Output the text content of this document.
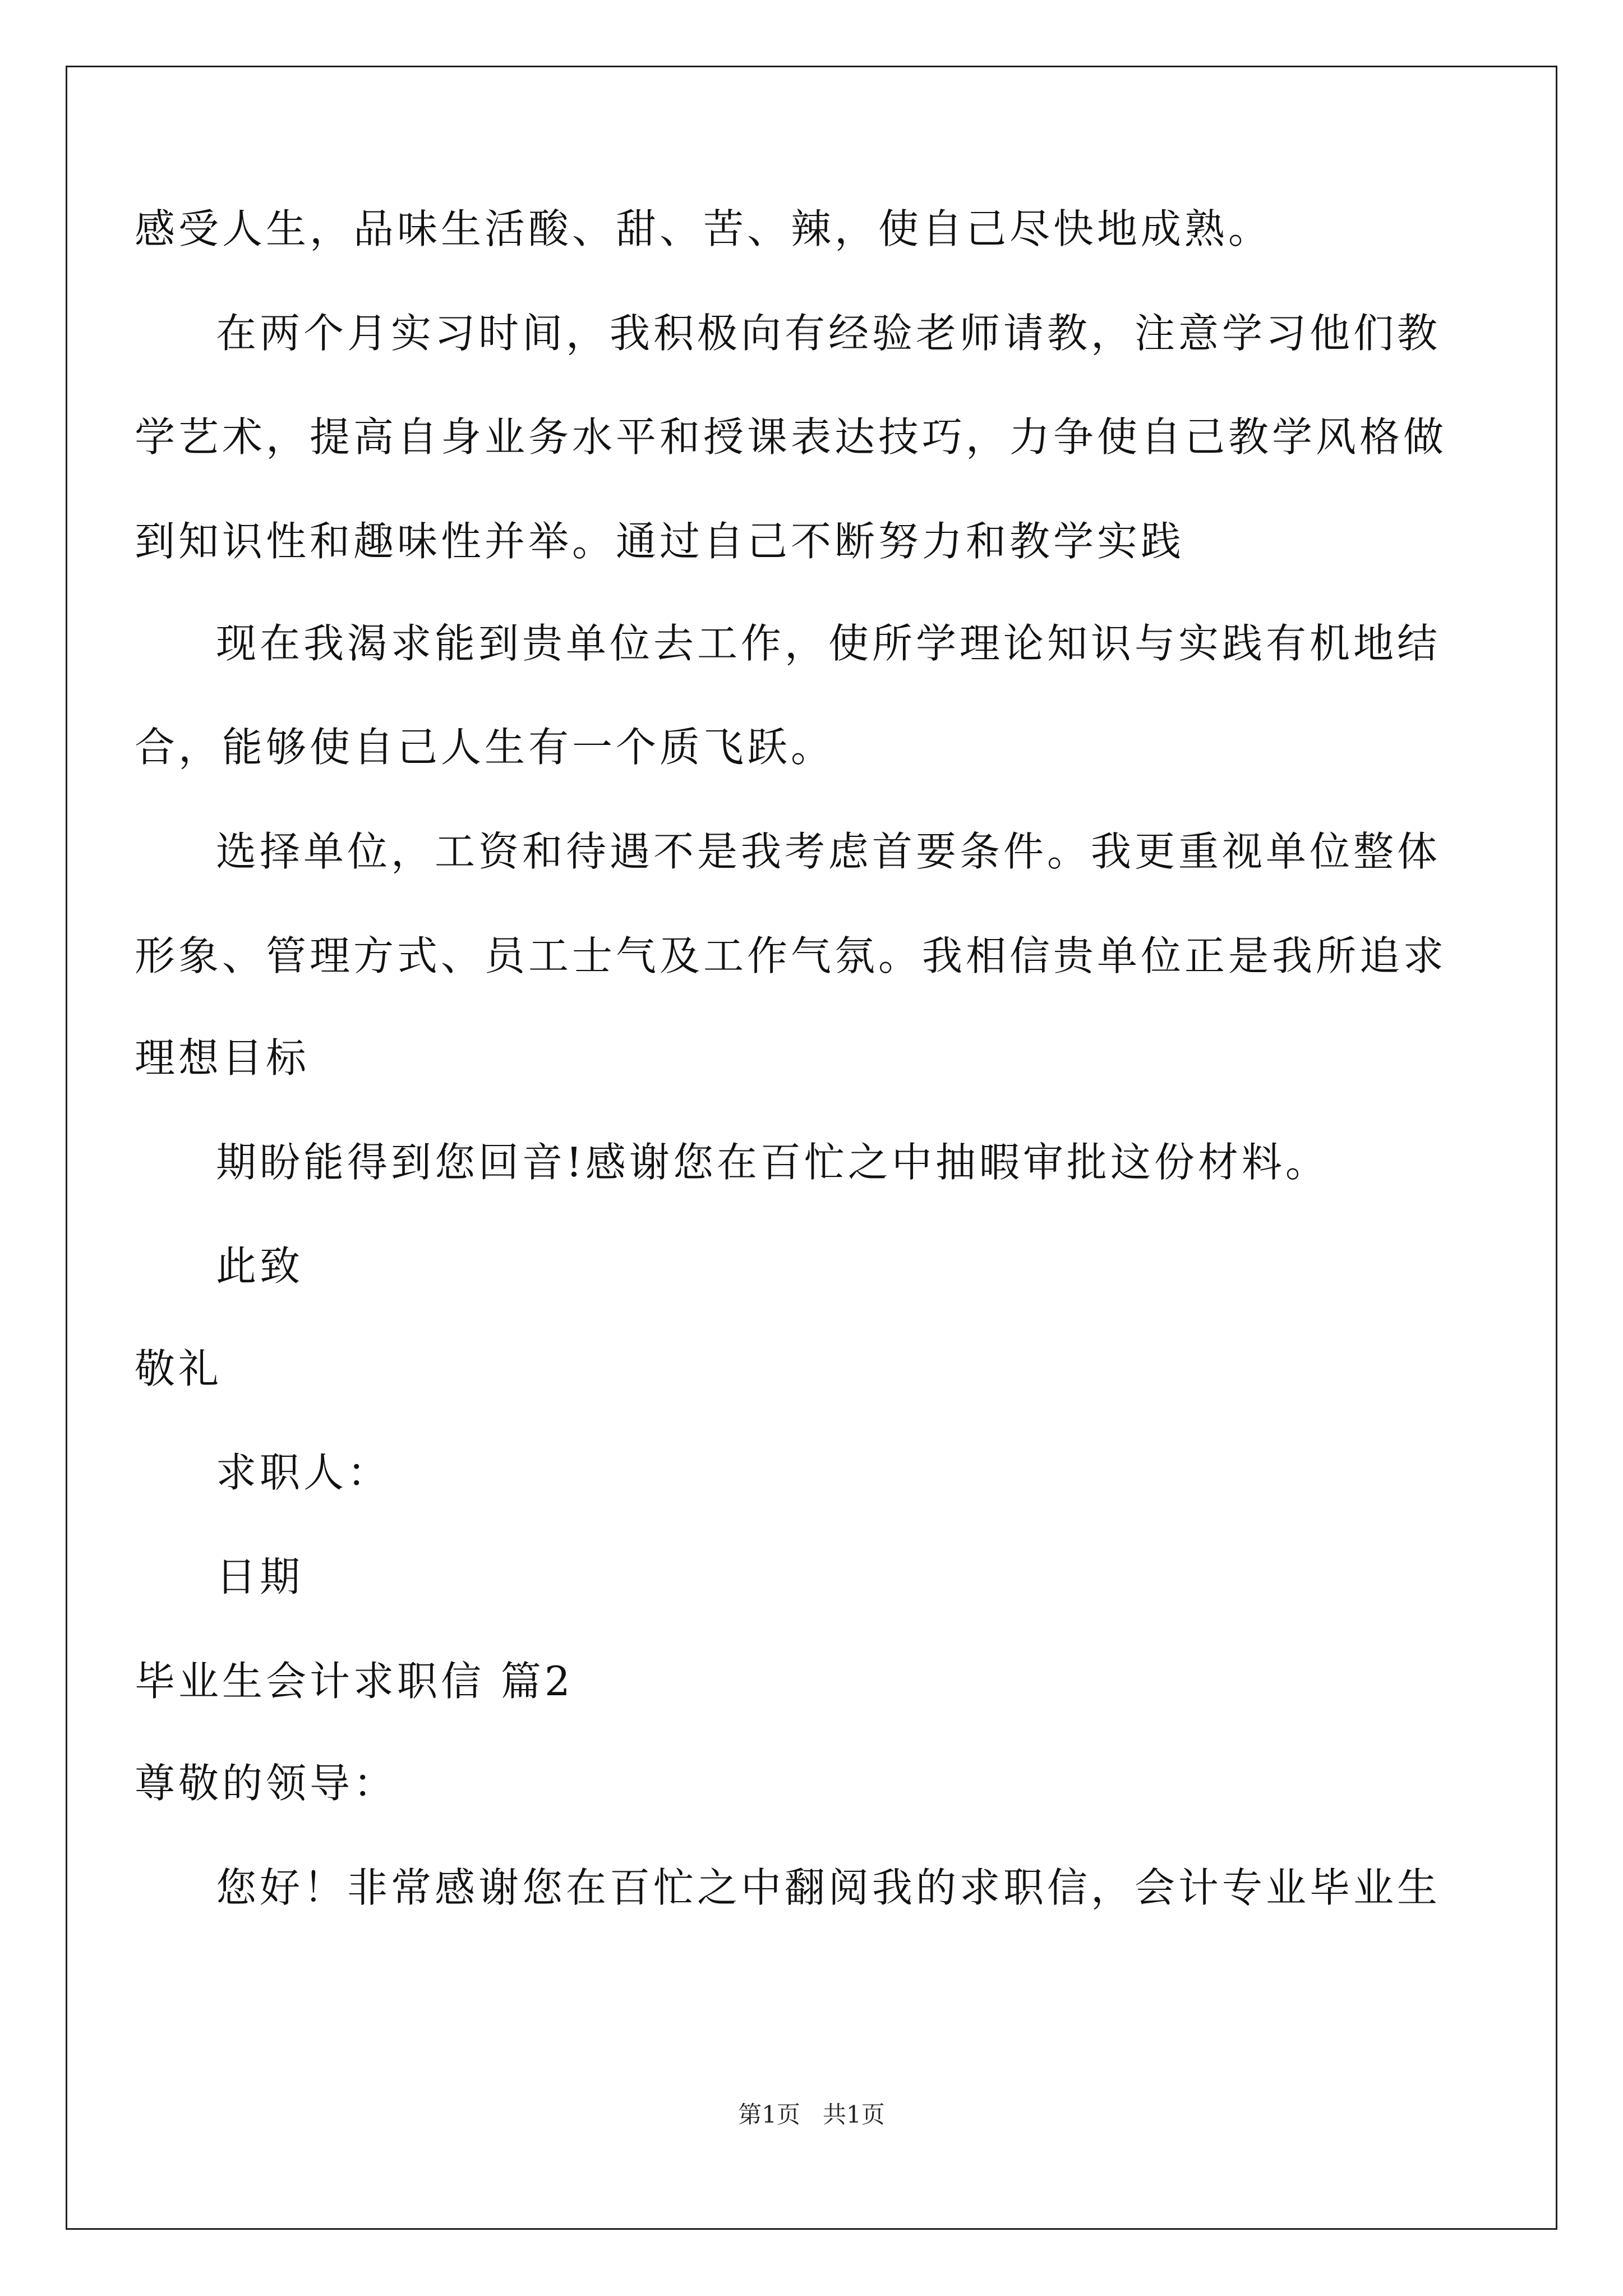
感受人生，品味生活酸、甜、苦、辣，使自己尽快地成熟。
在两个月实习时间，我积极向有经验老师请教，注意学习他们教
学艺术，提高自身业务水平和授课表达技巧，力争使自己教学风格做
到知识性和趣味性并举。通过自己不断努力和教学实践
现在我渴求能到贵单位去工作，使所学理论知识与实践有机地结
合，能够使自己人生有一个质飞跃。
选择单位，工资和待遇不是我考虑首要条件。我更重视单位整体
形象、管理方式、员工士气及工作气氛。我相信贵单位正是我所追求
理想目标
期盼能得到您回音!感谢您在百忙之中抽暇审批这份材料。
此致
敬礼
求职人：
日期
毕业生会计求职信 篇2
尊敬的领导：
您好！非常感谢您在百忙之中翻阅我的求职信，会计专业毕业生
第1页   共1页
